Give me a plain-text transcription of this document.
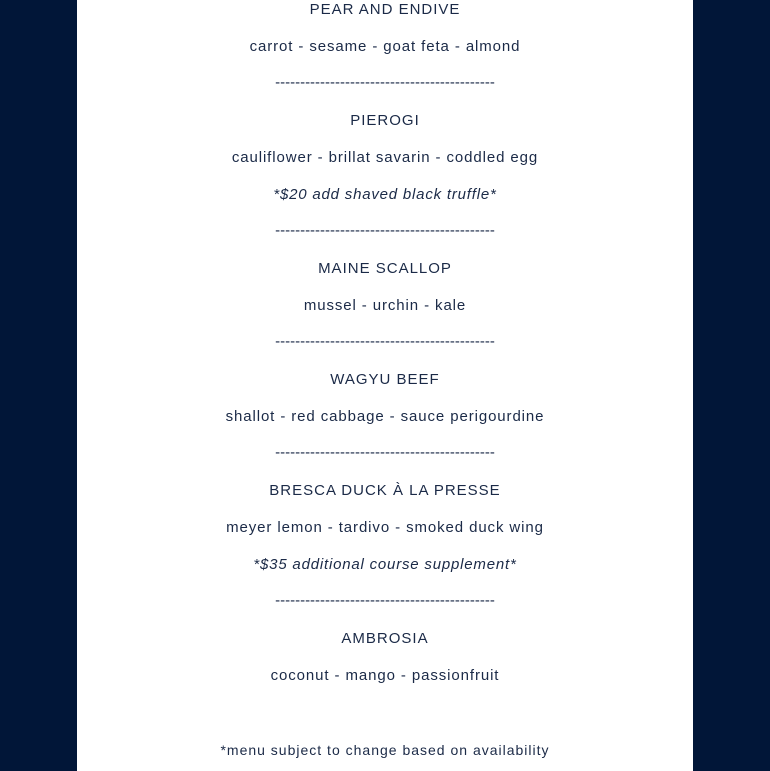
PEAR AND ENDIVE
carrot - sesame - goat feta - almond
--------------------------------------------
PIEROGI
cauliflower - brillat savarin - coddled egg
*$20 add shaved black truffle*
--------------------------------------------
MAINE SCALLOP
mussel - urchin - kale
--------------------------------------------
WAGYU BEEF
shallot - red cabbage - sauce perigourdine
--------------------------------------------
BRESCA DUCK À LA PRESSE
meyer lemon - tardivo - smoked duck wing
*$35 additional course supplement*
--------------------------------------------
AMBROSIA
coconut - mango - passionfruit
*menu subject to change based on availability
